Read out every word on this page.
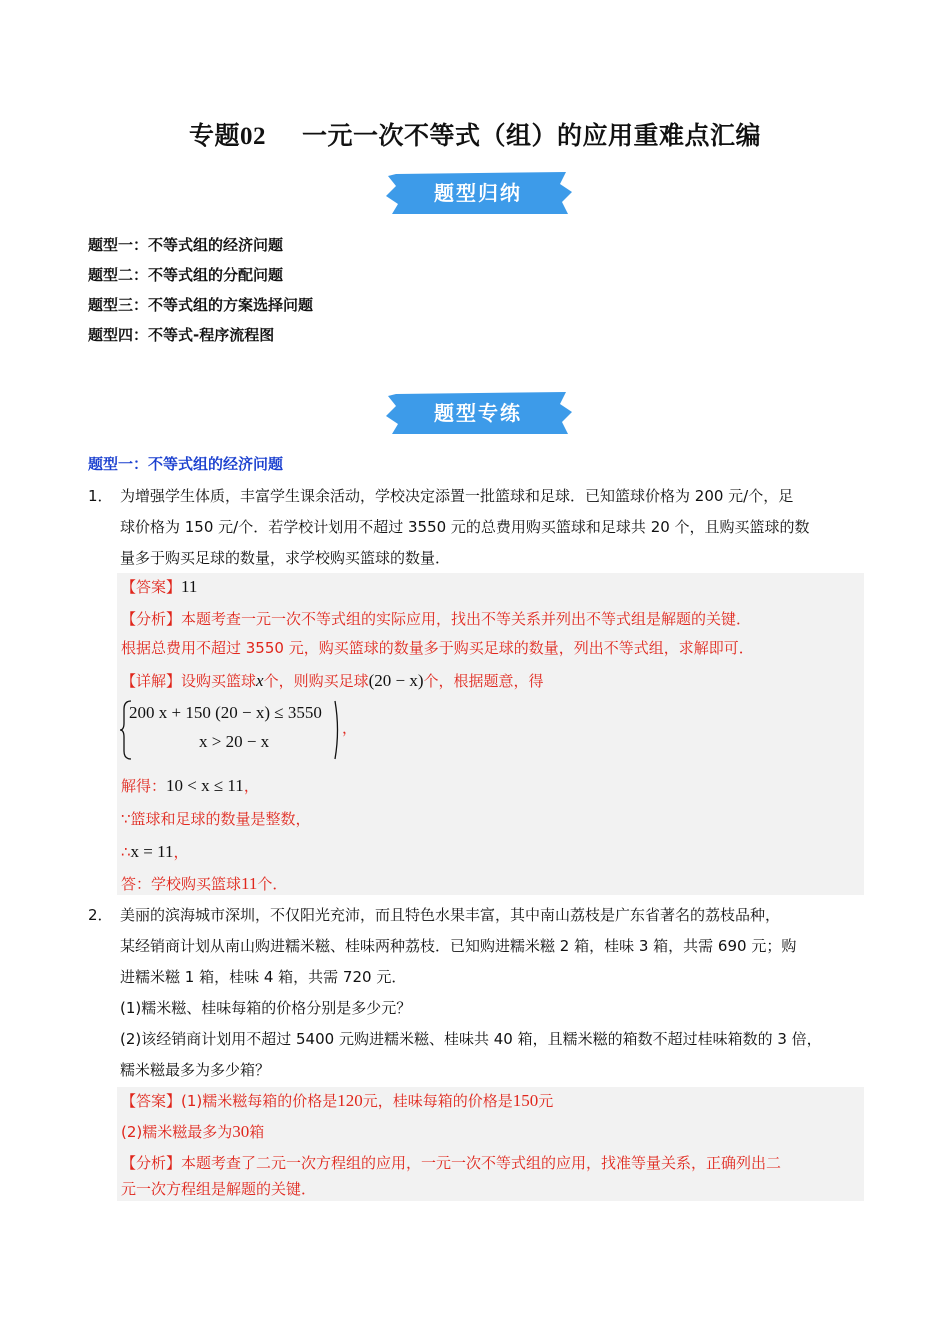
专题02 一元一次不等式（组）的应用重难点汇编
题型归纳
题型一：不等式组的经济问题
题型二：不等式组的分配问题
题型三：不等式组的方案选择问题
题型四：不等式-程序流程图
题型专练
题型一：不等式组的经济问题
1． 为增强学生体质，丰富学生课余活动，学校决定添置一批篮球和足球．已知篮球价格为 200 元/个，足
球价格为 150 元/个．若学校计划用不超过 3550 元的总费用购买篮球和足球共 20 个，且购买篮球的数
量多于购买足球的数量，求学校购买篮球的数量．
【答案】11
【分析】本题考查一元一次不等式组的实际应用，找出不等关系并列出不等式组是解题的关键．
根据总费用不超过 3550 元，购买篮球的数量多于购买足球的数量，列出不等式组，求解即可．
【详解】设购买篮球x个，则购买足球(20 − x)个，根据题意，得
200 x + 150 (20 − x) ≤ 3550
x > 20 − x
，
解得：10 < x ≤ 11，
∵篮球和足球的数量是整数，
∴x = 11，
答：学校购买篮球11个．
2． 美丽的滨海城市深圳，不仅阳光充沛，而且特色水果丰富，其中南山荔枝是广东省著名的荔枝品种，
某经销商计划从南山购进糯米糍、桂味两种荔枝．已知购进糯米糍 2 箱，桂味 3 箱，共需 690 元；购
进糯米糍 1 箱，桂味 4 箱，共需 720 元．
(1)糯米糍、桂味每箱的价格分别是多少元？
(2)该经销商计划用不超过 5400 元购进糯米糍、桂味共 40 箱，且糯米糍的箱数不超过桂味箱数的 3 倍，
糯米糍最多为多少箱？
【答案】(1)糯米糍每箱的价格是120元，桂味每箱的价格是150元
(2)糯米糍最多为30箱
【分析】本题考查了二元一次方程组的应用，一元一次不等式组的应用，找准等量关系，正确列出二
元一次方程组是解题的关键．
